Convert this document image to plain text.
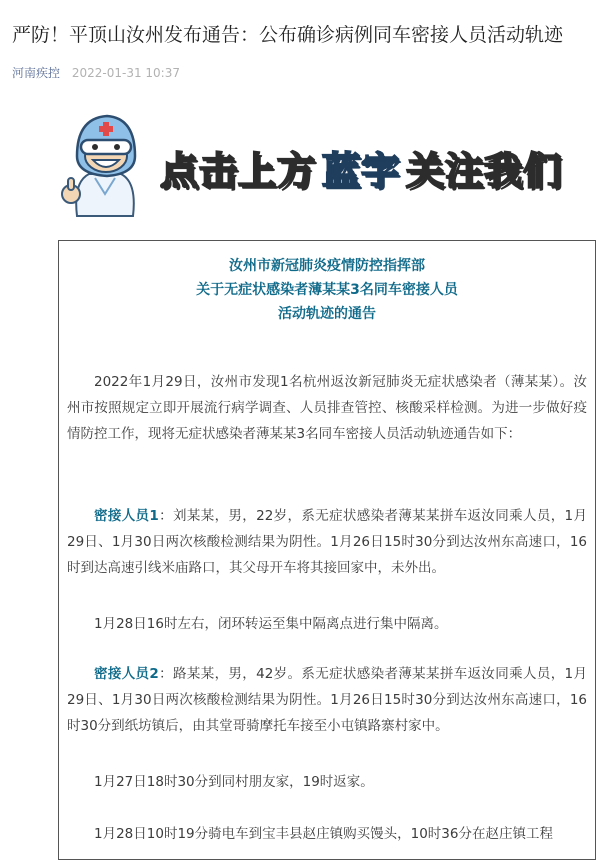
严防！平顶山汝州发布通告：公布确诊病例同车密接人员活动轨迹
河南疾控 2022-01-31 10:37
点击上方 蓝字 关注我们
汝州市新冠肺炎疫情防控指挥部
关于无症状感染者薄某某3名同车密接人员
活动轨迹的通告

2022年1月29日，汝州市发现1名杭州返汝新冠肺炎无症状感染者（薄某某）。汝州市按照规定立即开展流行病学调查、人员排查管控、核酸采样检测。为进一步做好疫情防控工作，现将无症状感染者薄某某3名同车密接人员活动轨迹通告如下：

密接人员1：刘某某，男，22岁，系无症状感染者薄某某拼车返汝同乘人员，1月29日、1月30日两次核酸检测结果为阴性。1月26日15时30分到达汝州东高速口，16时到达高速引线米庙路口，其父母开车将其接回家中，未外出。

1月28日16时左右，闭环转运至集中隔离点进行集中隔离。

密接人员2：路某某，男，42岁。系无症状感染者薄某某拼车返汝同乘人员，1月29日、1月30日两次核酸检测结果为阴性。1月26日15时30分到达汝州东高速口，16时30分到纸坊镇后，由其堂哥骑摩托车接至小屯镇路寨村家中。

1月27日18时30分到同村朋友家，19时返家。

1月28日10时19分骑电车到宝丰县赵庄镇购买馒头，10时36分在赵庄镇工程
